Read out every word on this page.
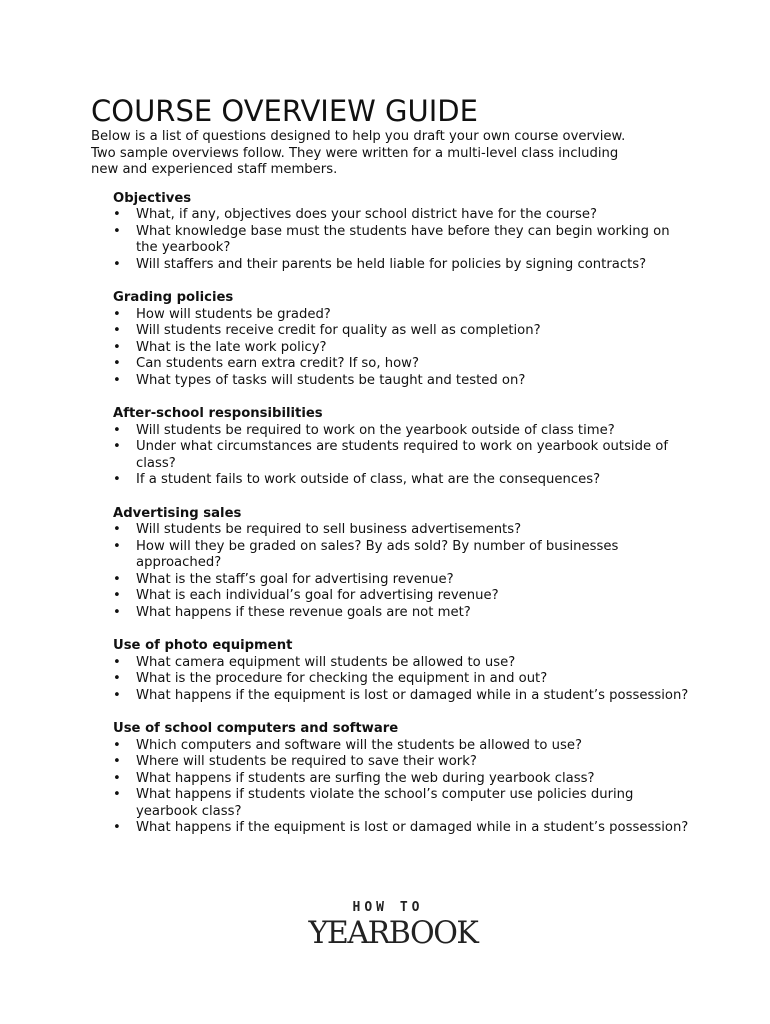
COURSE OVERVIEW GUIDE
Below is a list of questions designed to help you draft your own course overview.
Two sample overviews follow. They were written for a multi-level class including
new and experienced staff members.
Objectives
• What, if any, objectives does your school district have for the course?
• What knowledge base must the students have before they can begin working on the yearbook?
• Will staffers and their parents be held liable for policies by signing contracts?
Grading policies
• How will students be graded?
• Will students receive credit for quality as well as completion?
• What is the late work policy?
• Can students earn extra credit? If so, how?
• What types of tasks will students be taught and tested on?
After-school responsibilities
• Will students be required to work on the yearbook outside of class time?
• Under what circumstances are students required to work on yearbook outside of class?
• If a student fails to work outside of class, what are the consequences?
Advertising sales
• Will students be required to sell business advertisements?
• How will they be graded on sales? By ads sold? By number of businesses approached?
• What is the staff’s goal for advertising revenue?
• What is each individual’s goal for advertising revenue?
• What happens if these revenue goals are not met?
Use of photo equipment
• What camera equipment will students be allowed to use?
• What is the procedure for checking the equipment in and out?
• What happens if the equipment is lost or damaged while in a student’s possession?
Use of school computers and software
• Which computers and software will the students be allowed to use?
• Where will students be required to save their work?
• What happens if students are surfing the web during yearbook class?
• What happens if students violate the school’s computer use policies during yearbook class?
• What happens if the equipment is lost or damaged while in a student’s possession?
HOW TO
YEARBOOK
